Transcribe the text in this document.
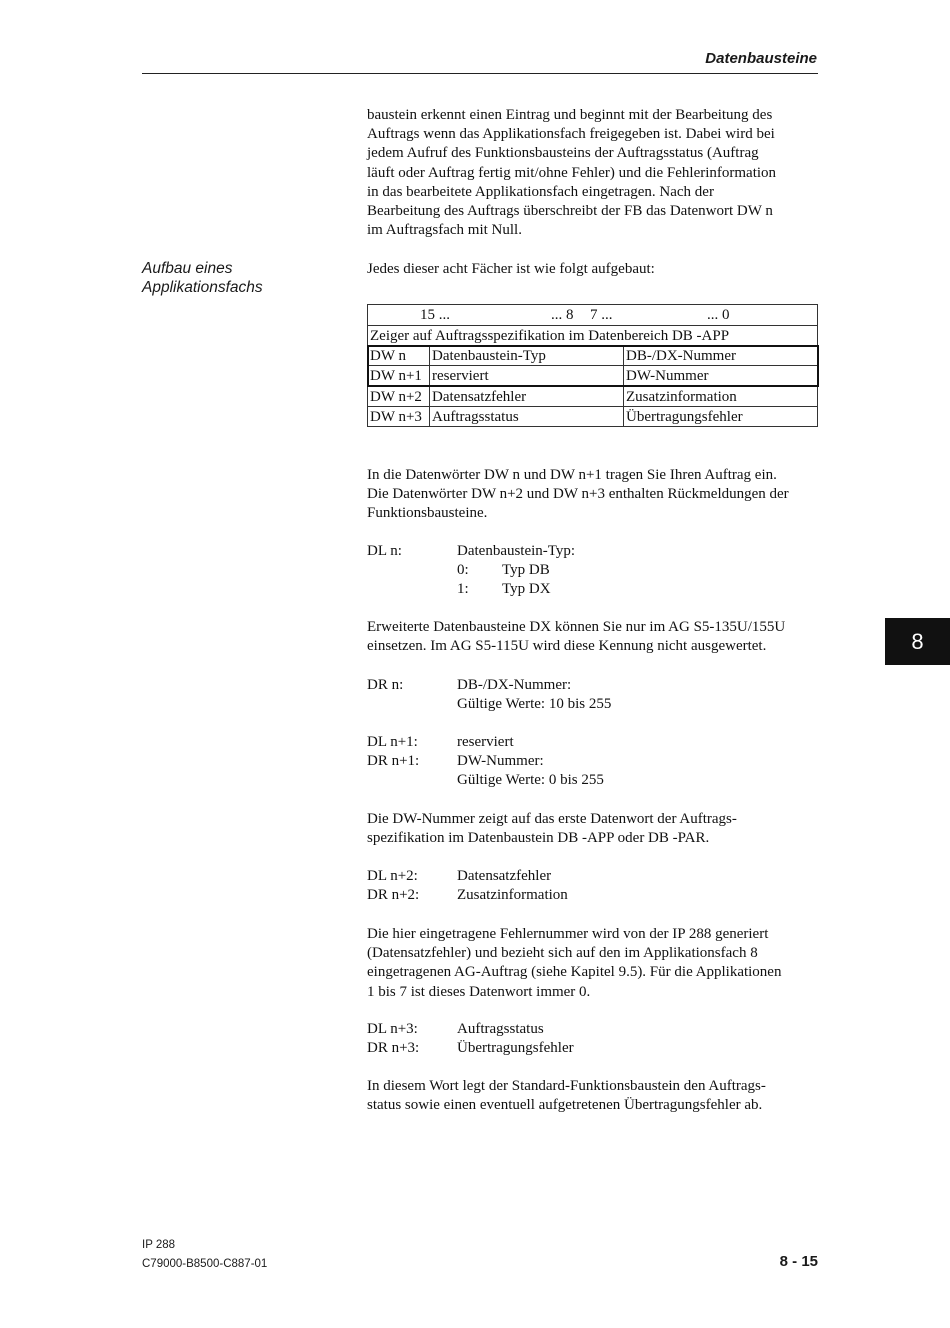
Datenbausteine
baustein erkennt einen Eintrag und beginnt mit der Bearbeitung des
Auftrags wenn das Applikationsfach freigegeben ist. Dabei wird bei
jedem Aufruf des Funktionsbausteins der Auftragsstatus (Auftrag
läuft oder Auftrag fertig mit/ohne Fehler) und die Fehlerinformation
in das bearbeitete Applikationsfach eingetragen. Nach der
Bearbeitung des Auftrags überschreibt der FB das Datenwort DW n
im Auftragsfach mit Null.
Aufbau eines
Applikationsfachs
Jedes dieser acht Fächer ist wie folgt aufgebaut:
15 ...	... 8 7 ...	... 0
Zeiger auf Auftragsspezifikation im Datenbereich DB -APP
DW n	Datenbaustein-Typ	DB-/DX-Nummer
DW n+1 reserviert	DW-Nummer
DW n+2 Datensatzfehler	Zusatzinformation
DW n+3 Auftragsstatus	Übertragungsfehler
In die Datenwörter DW n und DW n+1 tragen Sie Ihren Auftrag ein.
Die Datenwörter DW n+2 und DW n+3 enthalten Rückmeldungen der
Funktionsbausteine.
DL n:	Datenbaustein-Typ:
0: Typ DB
1: Typ DX
Erweiterte Datenbausteine DX können Sie nur im AG S5-135U/155U
einsetzen. Im AG S5-115U wird diese Kennung nicht ausgewertet.
DR n:	DB-/DX-Nummer:
Gültige Werte: 10 bis 255
DL n+1:	reserviert
DR n+1:	DW-Nummer:
Gültige Werte: 0 bis 255
Die DW-Nummer zeigt auf das erste Datenwort der Auftrags-
spezifikation im Datenbaustein DB -APP oder DB -PAR.
DL n+2:	Datensatzfehler
DR n+2:	Zusatzinformation
Die hier eingetragene Fehlernummer wird von der IP 288 generiert
(Datensatzfehler) und bezieht sich auf den im Applikationsfach 8
eingetragenen AG-Auftrag (siehe Kapitel 9.5). Für die Applikationen
1 bis 7 ist dieses Datenwort immer 0.
DL n+3:	Auftragsstatus
DR n+3:	Übertragungsfehler
In diesem Wort legt der Standard-Funktionsbaustein den Auftrags-
status sowie einen eventuell aufgetretenen Übertragungsfehler ab.
8
IP 288
C79000-B8500-C887-01	8 - 15
